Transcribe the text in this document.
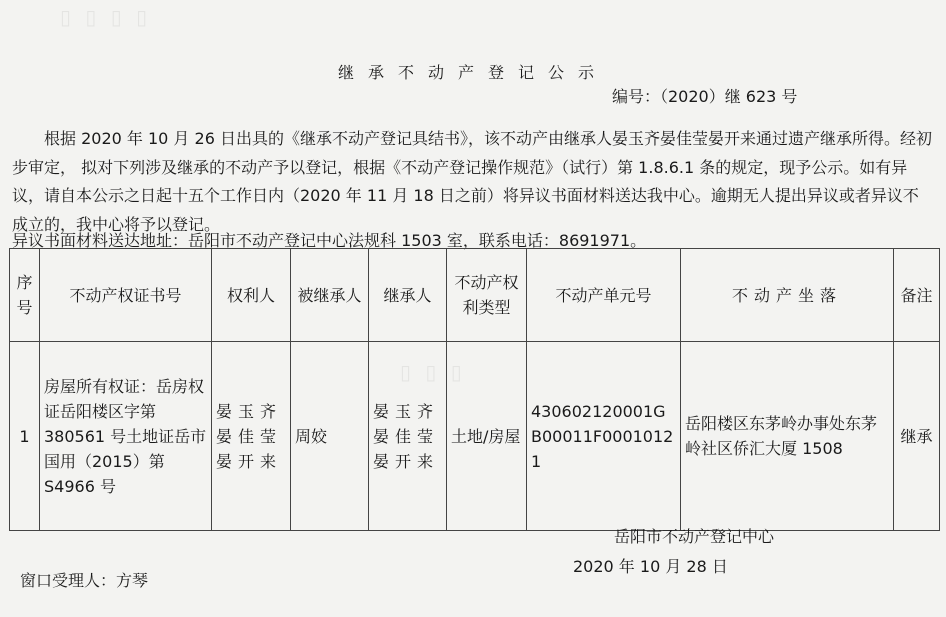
▯ ▯ ▯ ▯
▯ ▯ ▯
继承不动产登记公示
编号：（2020）继 623 号

根据 2020 年 10 月 26 日出具的《继承不动产登记具结书》，该不动产由继承人晏玉齐晏佳莹晏开来通过遗产继承所得。经初步审定， 拟对下列涉及继承的不动产予以登记，根据《不动产登记操作规范》（试行）第 1.8.6.1 条的规定，现予公示。如有异议，请自本公示之日起十五个工作日内（2020 年 11 月 18 日之前）将异议书面材料送达我中心。逾期无人提出异议或者异议不成立的，我中心将予以登记。

异议书面材料送达地址：岳阳市不动产登记中心法规科 1503 室，联系电话：8691971。
序号	不动产权证书号	权利人	被继承人	继承人	不动产权利类型	不动产单元号	不动产坐落	备注
1	房屋所有权证：岳房权证岳阳楼区字第 380561 号土地证岳市国用（2015）第 S4966 号	晏玉齐晏佳莹晏开来	周姣	晏玉齐晏佳莹晏开来	土地/房屋	430602120001GB00011F00010121	岳阳楼区东茅岭办事处东茅岭社区侨汇大厦 1508	继承
岳阳市不动产登记中心
2020 年 10 月 28 日
窗口受理人：方琴
